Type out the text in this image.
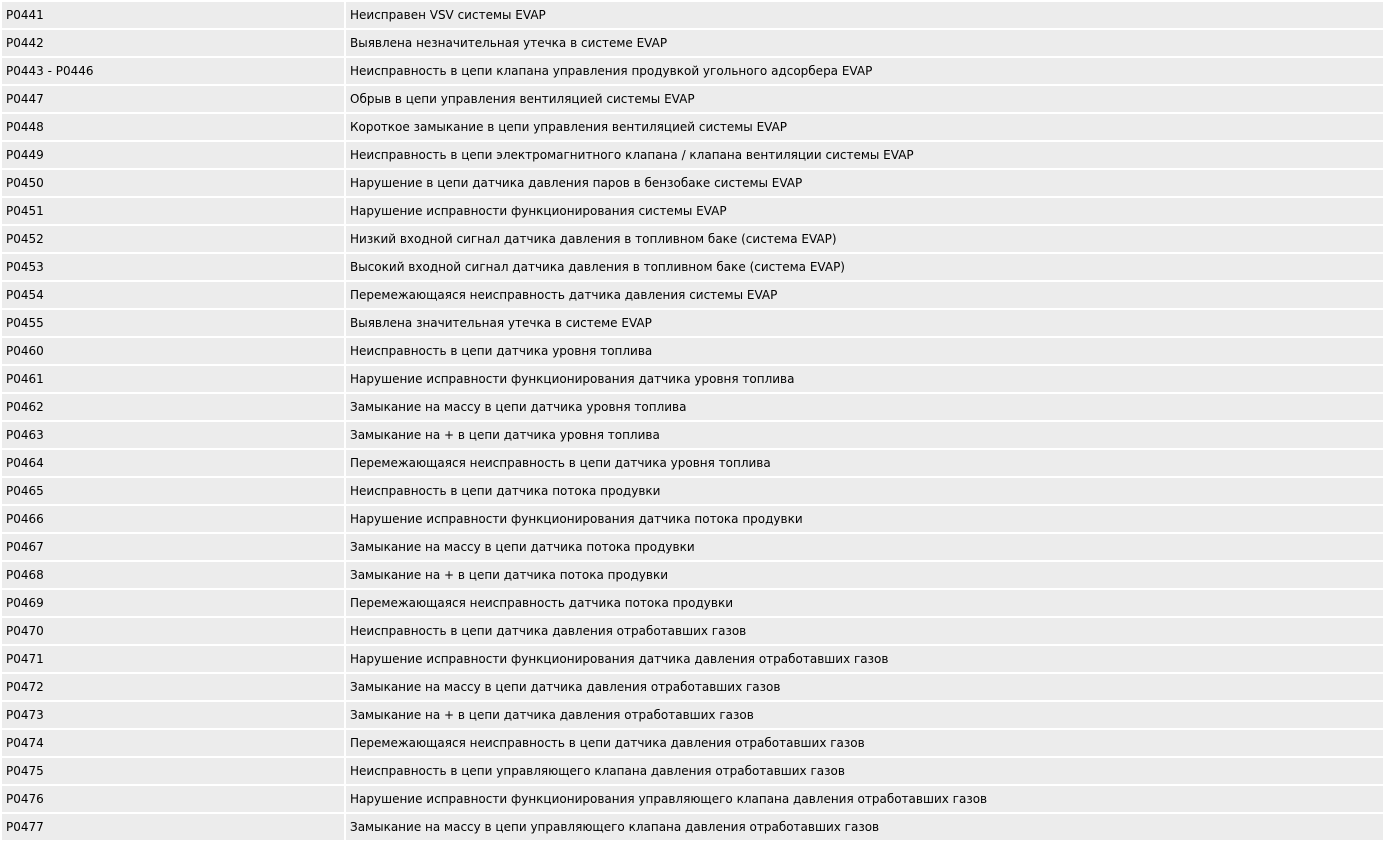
P0441	Неисправен VSV системы EVAP
P0442	Выявлена незначительная утечка в системе EVAP
P0443 - P0446	Неисправность в цепи клапана управления продувкой угольного адсорбера EVAP
P0447	Обрыв в цепи управления вентиляцией системы EVAP
P0448	Короткое замыкание в цепи управления вентиляцией системы EVAP
P0449	Неисправность в цепи электромагнитного клапана / клапана вентиляции системы EVAP
P0450	Нарушение в цепи датчика давления паров в бензобаке системы EVAP
P0451	Нарушение исправности функционирования системы EVAP
P0452	Низкий входной сигнал датчика давления в топливном баке (система EVAP)
P0453	Высокий входной сигнал датчика давления в топливном баке (система EVAP)
P0454	Перемежающаяся неисправность датчика давления системы EVAP
P0455	Выявлена значительная утечка в системе EVAP
P0460	Неисправность в цепи датчика уровня топлива
P0461	Нарушение исправности функционирования датчика уровня топлива
P0462	Замыкание на массу в цепи датчика уровня топлива
P0463	Замыкание на + в цепи датчика уровня топлива
P0464	Перемежающаяся неисправность в цепи датчика уровня топлива
P0465	Неисправность в цепи датчика потока продувки
P0466	Нарушение исправности функционирования датчика потока продувки
P0467	Замыкание на массу в цепи датчика потока продувки
P0468	Замыкание на + в цепи датчика потока продувки
P0469	Перемежающаяся неисправность датчика потока продувки
P0470	Неисправность в цепи датчика давления отработавших газов
P0471	Нарушение исправности функционирования датчика давления отработавших газов
P0472	Замыкание на массу в цепи датчика давления отработавших газов
P0473	Замыкание на + в цепи датчика давления отработавших газов
P0474	Перемежающаяся неисправность в цепи датчика давления отработавших газов
P0475	Неисправность в цепи управляющего клапана давления отработавших газов
P0476	Нарушение исправности функционирования управляющего клапана давления отработавших газов
P0477	Замыкание на массу в цепи управляющего клапана давления отработавших газов
